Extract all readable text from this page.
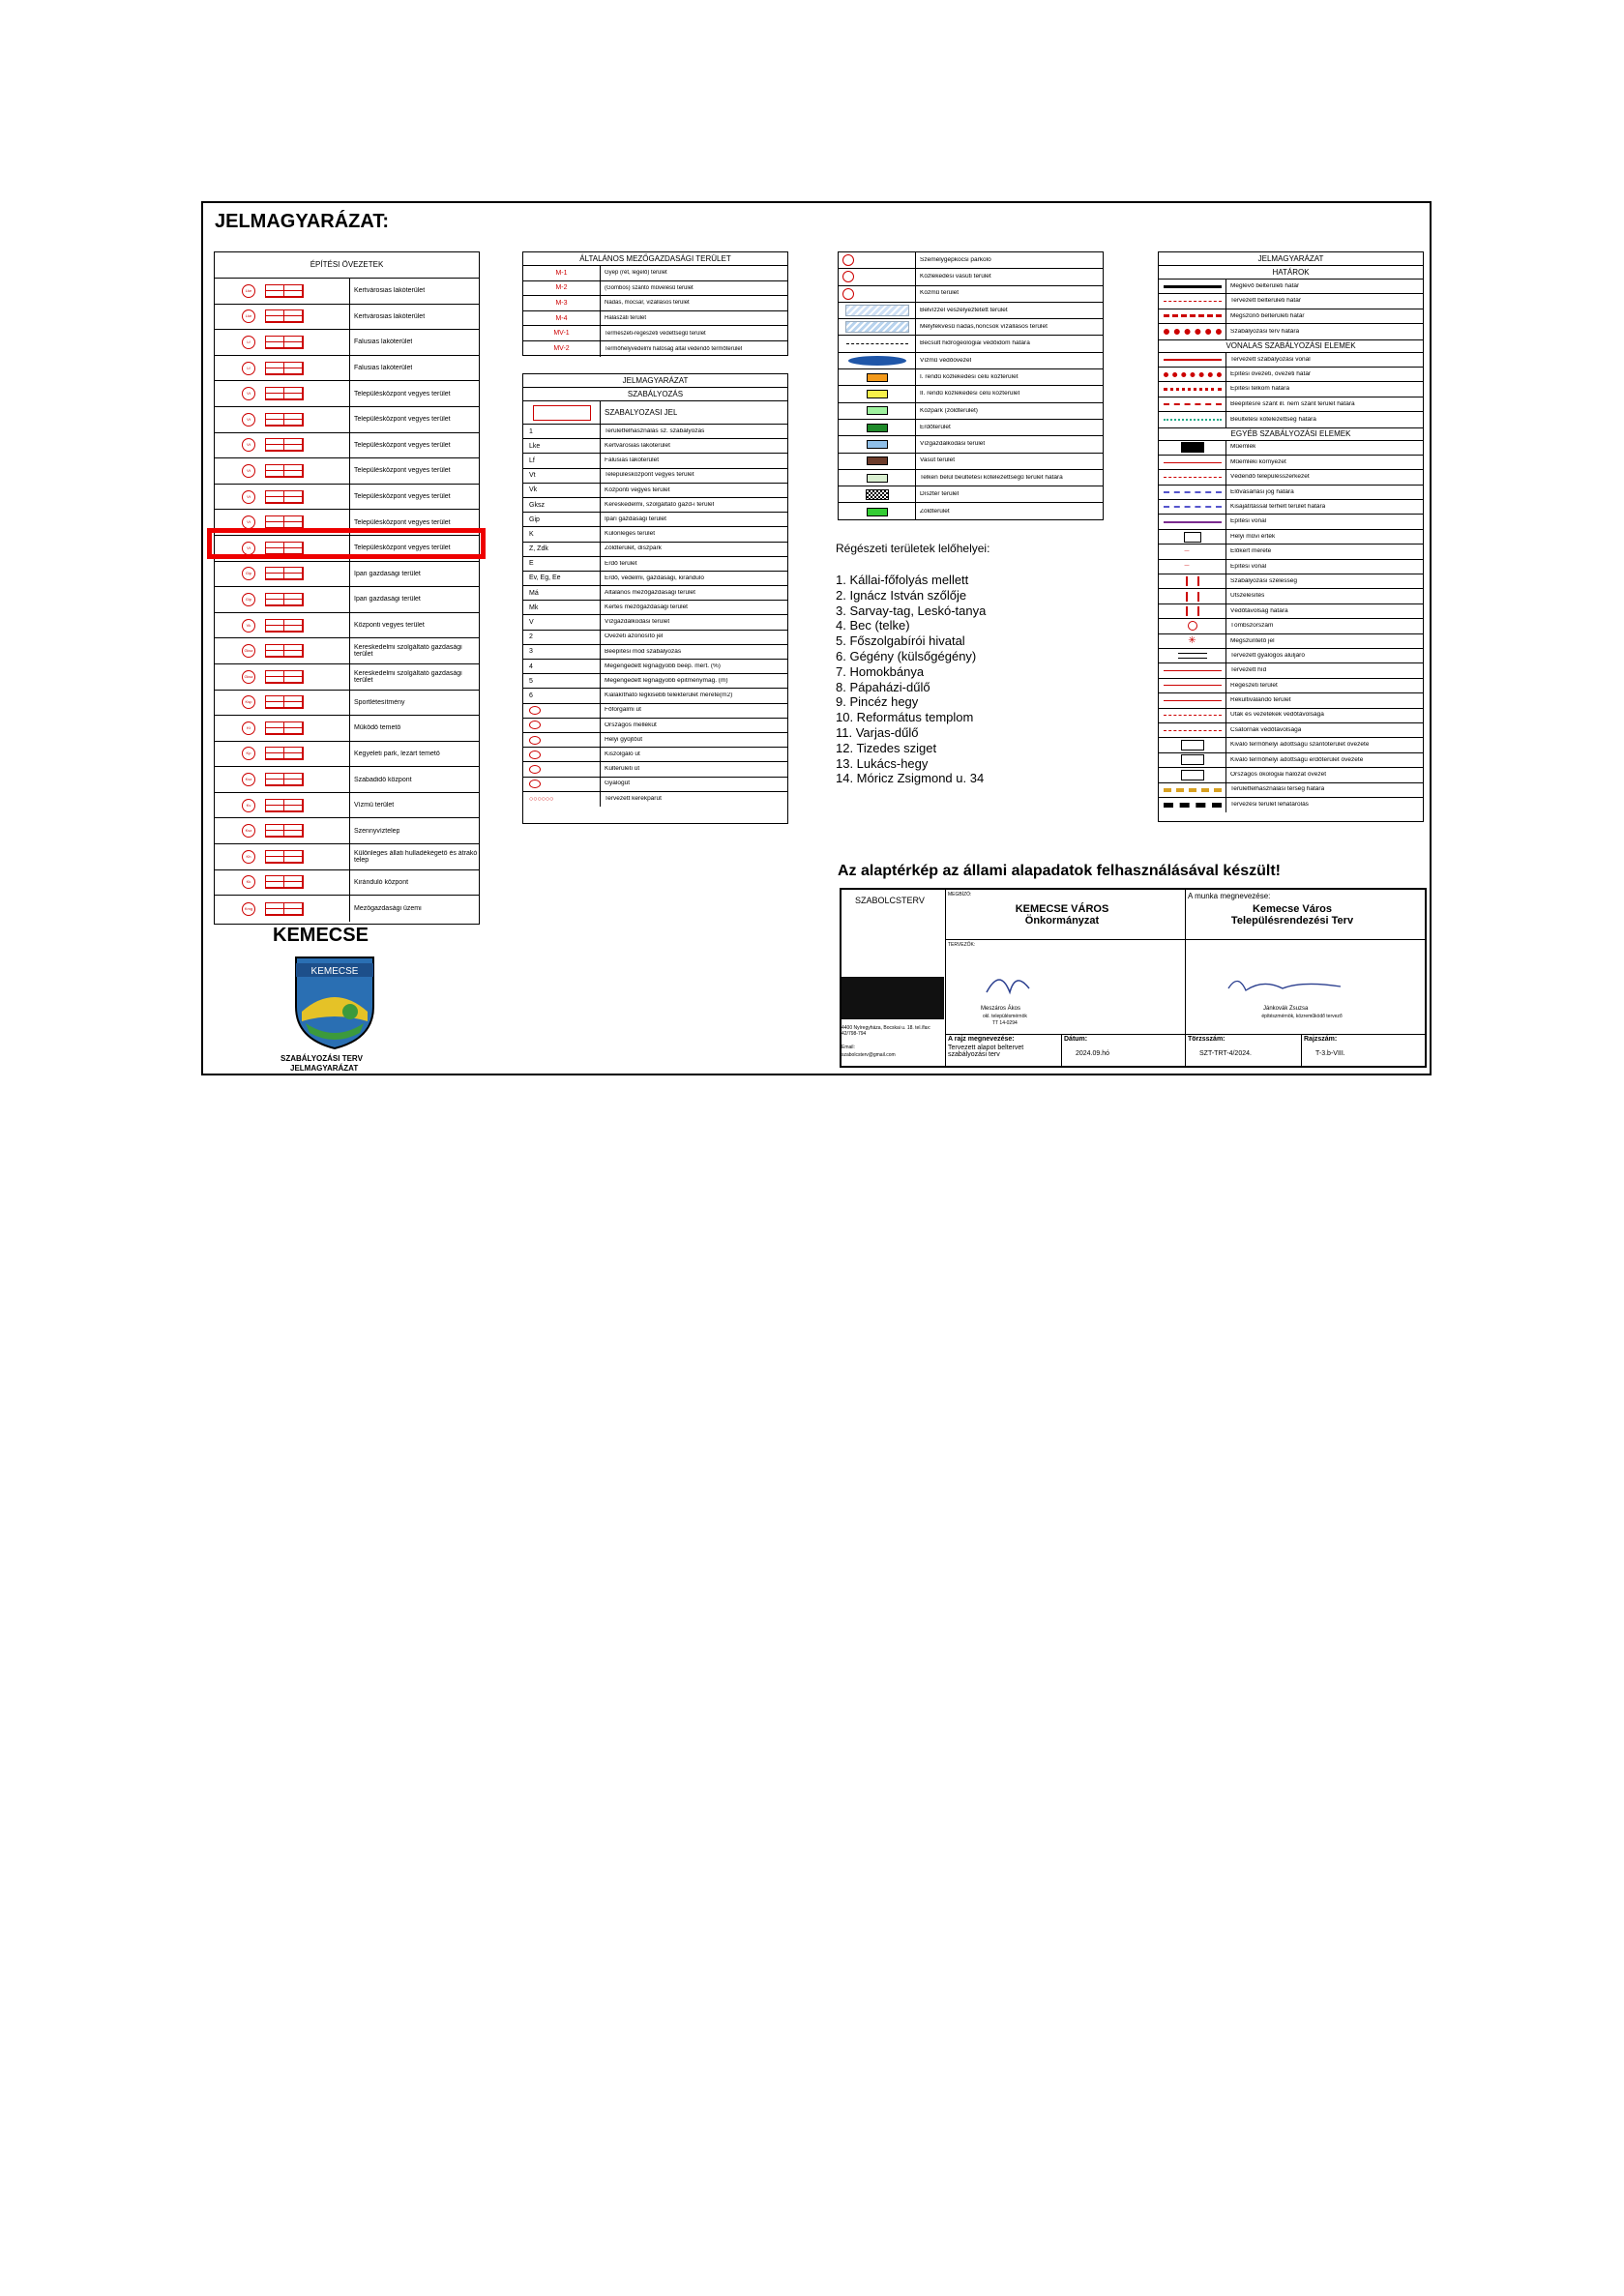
JELMAGYARÁZAT:
ÉPÍTÉSI ÖVEZETEK
Lke	Kertvárosias lakóterület
Lke	Kertvárosias lakóterület
Lf	Falusias lakóterület
Lf	Falusias lakóterület
Vt	Településközpont vegyes terület
Vt	Településközpont vegyes terület
Vt	Településközpont vegyes terület
Vt	Településközpont vegyes terület
Vt	Településközpont vegyes terület
Vt	Településközpont vegyes terület
Vt	Településközpont vegyes terület
Gip	Ipari gazdasági terület
Gip	Ipari gazdasági terület
Vk	Központi vegyes terület
Gksz	Kereskedelmi szolgáltató gazdasági terület
Gksz	Kereskedelmi szolgáltató gazdasági terület
Ksp	Sportlétesítmény
Kt	Működő temető
Kp	Kegyeleti park, lezárt temető
Ksz	Szabadidő központ
Kv	Vízmű terület
Ksz	Szennyvíztelep
Kh	Különleges állati hulladékégető és átrakó telep
Kk	Kiránduló központ
Kmg	Mezőgazdasági üzemi
KEMECSE
KEMECSE
SZABÁLYOZÁSI TERV
JELMAGYARÁZAT
ÁLTALÁNOS MEZŐGAZDASÁGI TERÜLET
M-1	Gyep (rét, legelő) terület
M-2	(Gombos) szántó művelésű terület
M-3	Nádas, mocsár, vizállásos terület
M-4	Halászati terület
MV-1	Természeti-régészeti védettségű terület
MV-2	Termőhelyvédelmi hatóság által védendő termőterület
JELMAGYARÁZAT
SZABÁLYOZÁS
SZABÁLYOZÁSI JEL
1	Területfelhasználás sz. szabályozás
Lke	Kertvárosias lakóterület
Lf	Falusias lakóterület
Vt	Településközpont vegyes terület
Vk	Központi vegyes terület
Gksz	Kereskedelmi, szolgáltató gazd-i terület
Gip	Ipari gazdasági terület
K	Különleges terület
Z, Zdk	Zöldterület, díszpark
E	Erdő terület
Ev, Eg, Ee	Erdő, védelmi, gazdasági, kiránduló
Má	Általános mezőgazdasági terület
Mk	Kertes mezőgazdasági terület
V	Vízgazdálkodási terület
2	Övezeti azonosító jel
3	Beépítési mód szabályozás
4	Megengedett legnagyobb beép. mért. (%)
5	Megengedett legnagyobb épitménymag. (m)
6	Kialakítható legkisebb telekterület mérete(m2)
Főforgalmi út
Országos mellékút
Helyi gyűjtőút
Kiszolgáló út
Külterületi út
Gyalogút
○○○○○○	Tervezett kerékpárút
Személygépkocsi parkoló
Közlekedési vasúti terület
Közmű terület
Belvízzel veszélyeztetett terület
Mélyfekvésű nádas,noncsok vízállásos terület
Becsült hidrogeológiai védőidom határa
Vízmű védőövezet
I. rendű közlekedési célú közterület
II. rendű közlekedési célú közterület
Közpark (zöldterület)
Erdőterület
Vízgazdálkodási terület
Vasút terület
Telken belül beültetési kötelezettségű terület határa
Dísztér terület
Zöldterület
Régészeti területek lelőhelyei:
1. Kállai-főfolyás mellett
2. Ignácz István szőlője
3. Sarvay-tag, Leskó-tanya
4. Bec (telke)
5. Főszolgabírói hivatal
6. Gégény (külsőgégény)
7. Homokbánya
8. Pápaházi-dűlő
9. Pincéz hegy
10. Református templom
11. Varjas-dűlő
12. Tizedes sziget
13. Lukács-hegy
14. Móricz Zsigmond u. 34
JELMAGYARÁZAT
HATÁROK
Meglévő belterületi határ
Tervezett belterületi határ
Megszűnő belterületi határ
Szabályozási terv határa
VONALAS SZABÁLYOZÁSI ELEMEK
Tervezett szabályozási vonal
Építési övezeti, övezeti határ
Építési telkom határa
Beépítésre szánt ill. nem szánt terület határa
Beültetési kötelezettség határa
EGYÉB SZABÁLYOZÁSI ELEMEK
Műemlék
Műemléki környezet
Védendő településszerkezet
Elővásárlási jog határa
Kisajátítással terhelt terület határa
Építési vonal
Helyi művi érték
—	Előkert mérete
—	Építési vonal
Szabályozási szélesség
Útszelesítés
Védőtávolság határa
Tömbszorszám
✳	Megszüntető jel
Tervezett gyalogos aluljáró
Tervezett híd
Régészeti terület
Rekultiválandó terület
Utak és vezetékek védőtávolsága
Csatornák védőtávolsága
Kiváló termőhelyi adottságú szántóterület övezete
Kiváló termőhelyi adottságú erdőterület övezete
Országos ökológiai hálózat övezet
Területfelhasználási térség határa
Tervezési terület lehatárolás
Az alaptérkép az állami alapadatok felhasználásával készült!
SZABOLCSTERV
4400 Nyíregyháza, Bocskai u. 18. tel./fax: 42/798-794
Email:
szabolcsterv@gmail.com
MEGBÍZÓ:
KEMECSE VÁROS Önkormányzat
A munka megnevezése:
Kemecse Város Településrendezési Terv
TERVEZŐK:
Meszáros Ákos
okl. településmérnök
TT 14-0294
Jánkovák Zsuzsa
építészmérnök, közreműködő tervező
A rajz megnevezése:
Tervezett alapot beltervet szabályozási terv
Dátum:
2024.09.hó
Törzsszám:
SZT-TRT-4/2024.
Rajzszám:
T-3.b-VIII.
